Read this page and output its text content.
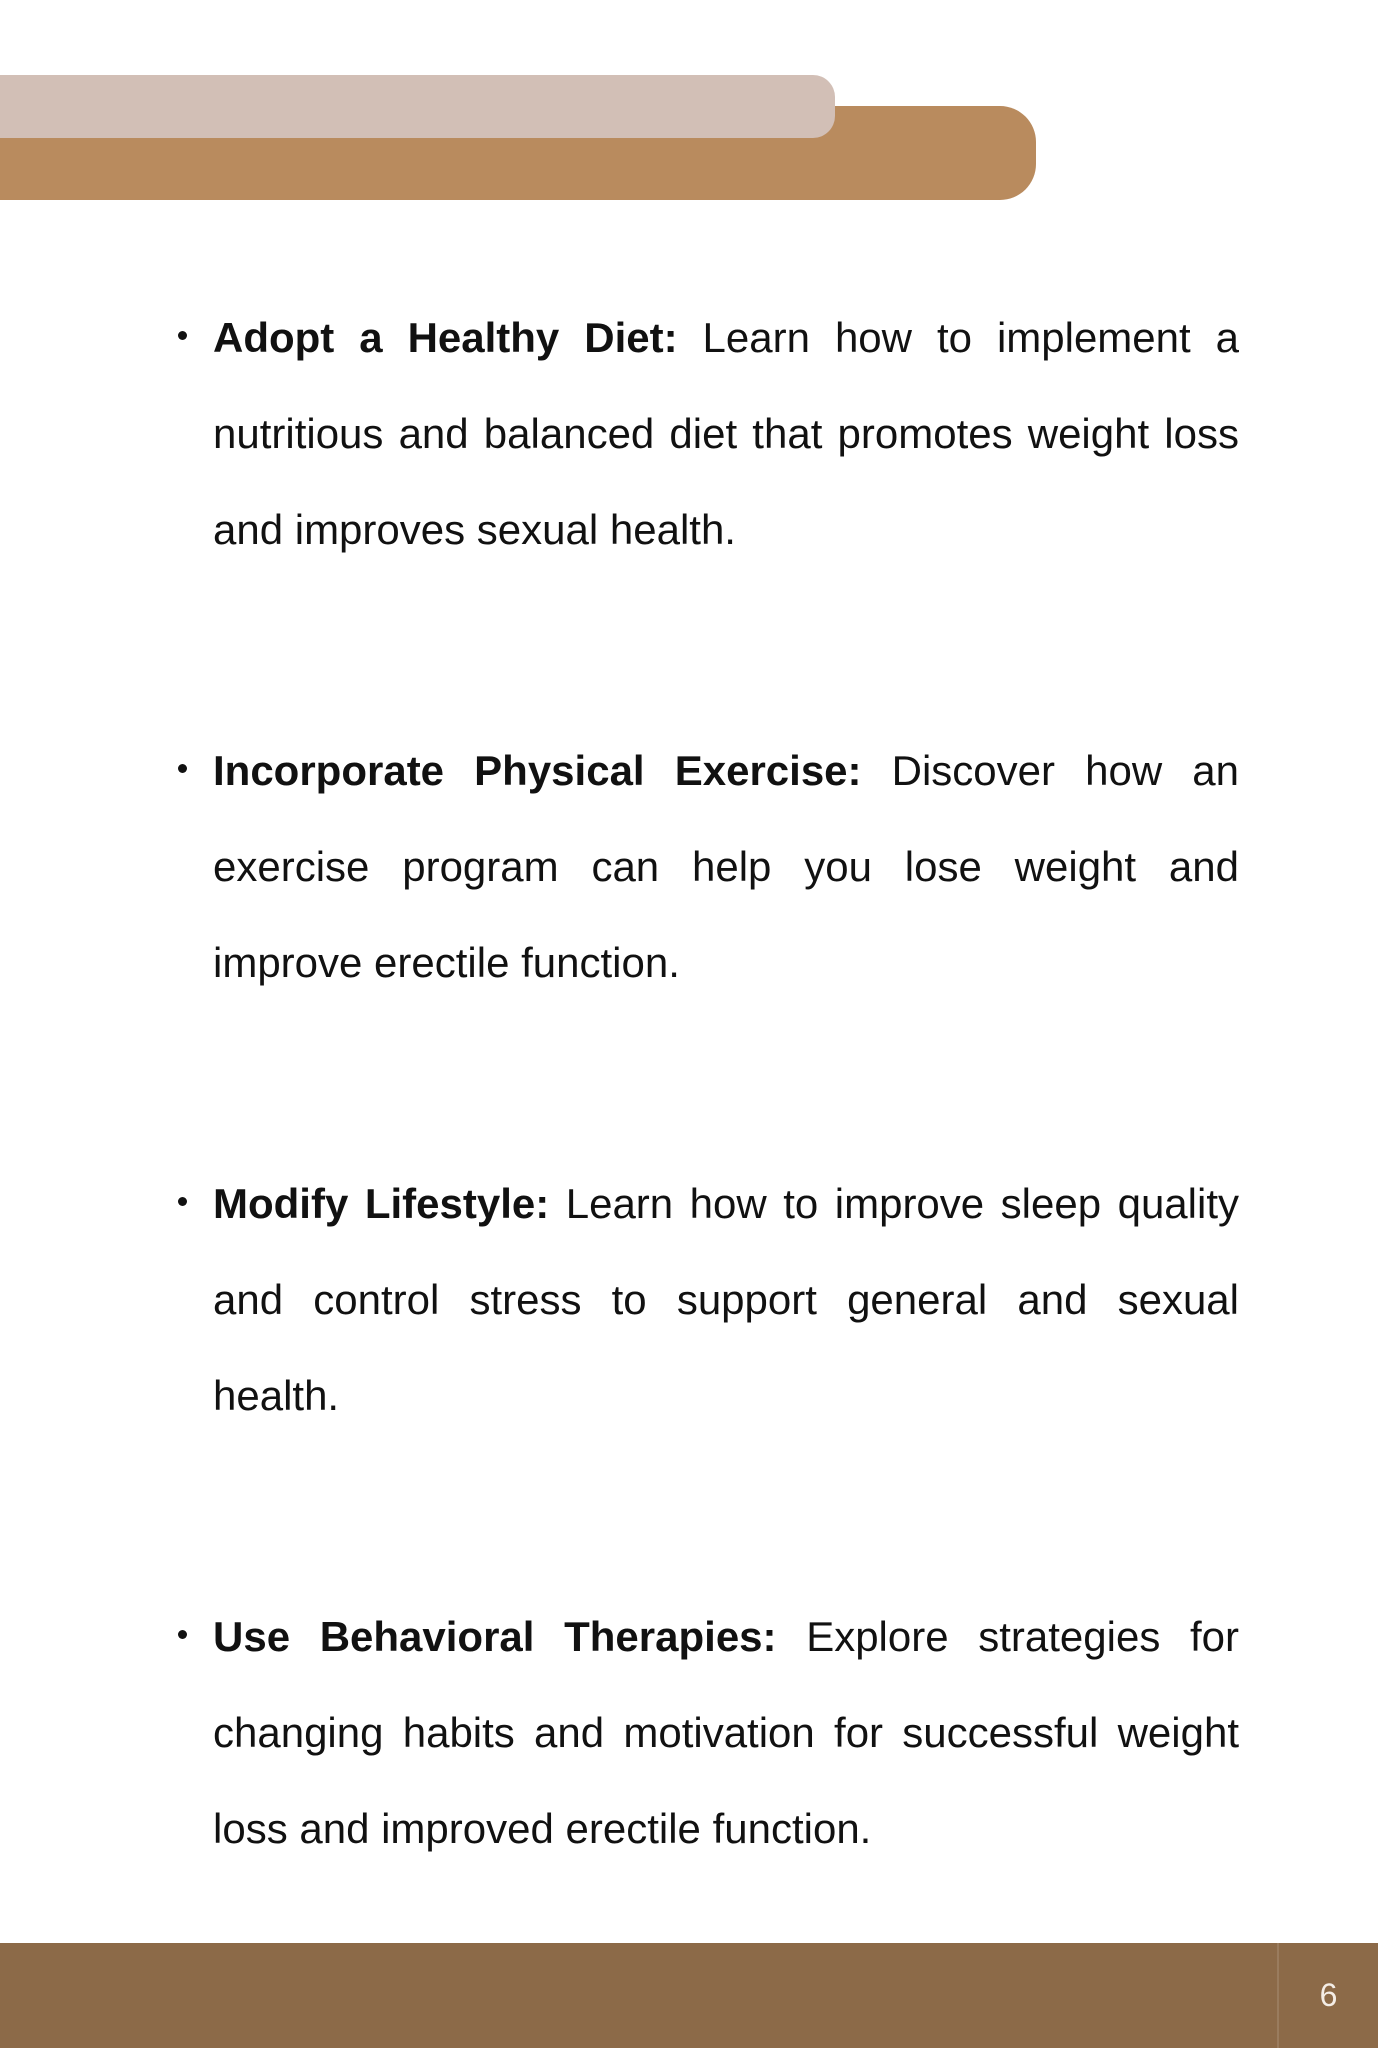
Adopt a Healthy Diet: Learn how to implement a nutritious and balanced diet that promotes weight loss and improves sexual health.

Incorporate Physical Exercise: Discover how an exercise program can help you lose weight and improve erectile function.

Modify Lifestyle: Learn how to improve sleep quality and control stress to support general and sexual health.

Use Behavioral Therapies: Explore strategies for changing habits and motivation for successful weight loss and improved erectile function.

6
